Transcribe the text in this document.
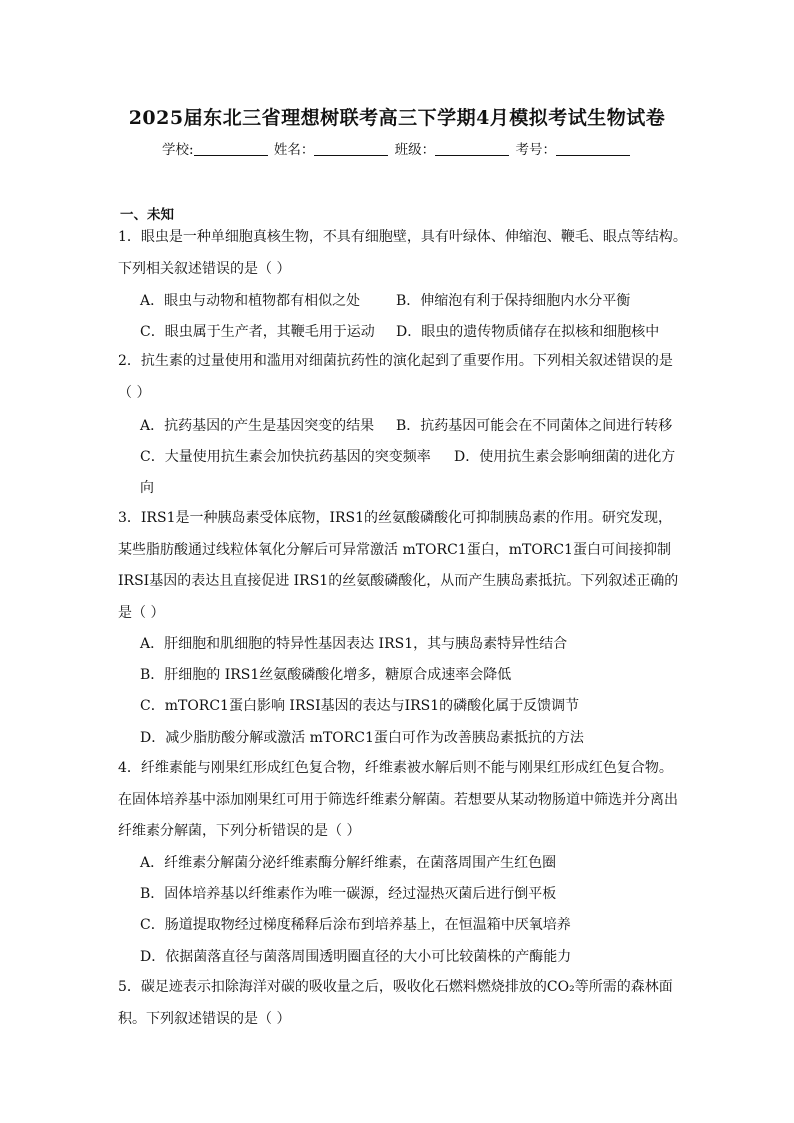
2025届东北三省理想树联考高三下学期4月模拟考试生物试卷
学校:	姓名：	班级：	考号：
一、未知
1．眼虫是一种单细胞真核生物，不具有细胞壁，具有叶绿体、伸缩泡、鞭毛、眼点等结构。
下列相关叙述错误的是（ ）
A．眼虫与动物和植物都有相似之处	B．伸缩泡有利于保持细胞内水分平衡
C．眼虫属于生产者，其鞭毛用于运动 D．眼虫的遗传物质储存在拟核和细胞核中
2．抗生素的过量使用和滥用对细菌抗药性的演化起到了重要作用。下列相关叙述错误的是
（ ）
A．抗药基因的产生是基因突变的结果 B．抗药基因可能会在不同菌体之间进行转移
C．大量使用抗生素会加快抗药基因的突变频率 D．使用抗生素会影响细菌的进化方
向
3．IRS1是一种胰岛素受体底物，IRS1的丝氨酸磷酸化可抑制胰岛素的作用。研究发现，
某些脂肪酸通过线粒体氧化分解后可异常激活 mTORC1蛋白，mTORC1蛋白可间接抑制
IRSI基因的表达且直接促进 IRS1的丝氨酸磷酸化，从而产生胰岛素抵抗。下列叙述正确的
是（ ）
A．肝细胞和肌细胞的特异性基因表达 IRS1，其与胰岛素特异性结合
B．肝细胞的 IRS1丝氨酸磷酸化增多，糖原合成速率会降低
C．mTORC1蛋白影响 IRSI基因的表达与IRS1的磷酸化属于反馈调节
D．减少脂肪酸分解或激活 mTORC1蛋白可作为改善胰岛素抵抗的方法
4．纤维素能与刚果红形成红色复合物，纤维素被水解后则不能与刚果红形成红色复合物。
在固体培养基中添加刚果红可用于筛选纤维素分解菌。若想要从某动物肠道中筛选并分离出
纤维素分解菌，下列分析错误的是（ ）
A．纤维素分解菌分泌纤维素酶分解纤维素，在菌落周围产生红色圈
B．固体培养基以纤维素作为唯一碳源，经过湿热灭菌后进行倒平板
C．肠道提取物经过梯度稀释后涂布到培养基上，在恒温箱中厌氧培养
D．依据菌落直径与菌落周围透明圈直径的大小可比较菌株的产酶能力
5．碳足迹表示扣除海洋对碳的吸收量之后，吸收化石燃料燃烧排放的CO₂等所需的森林面
积。下列叙述错误的是（ ）
